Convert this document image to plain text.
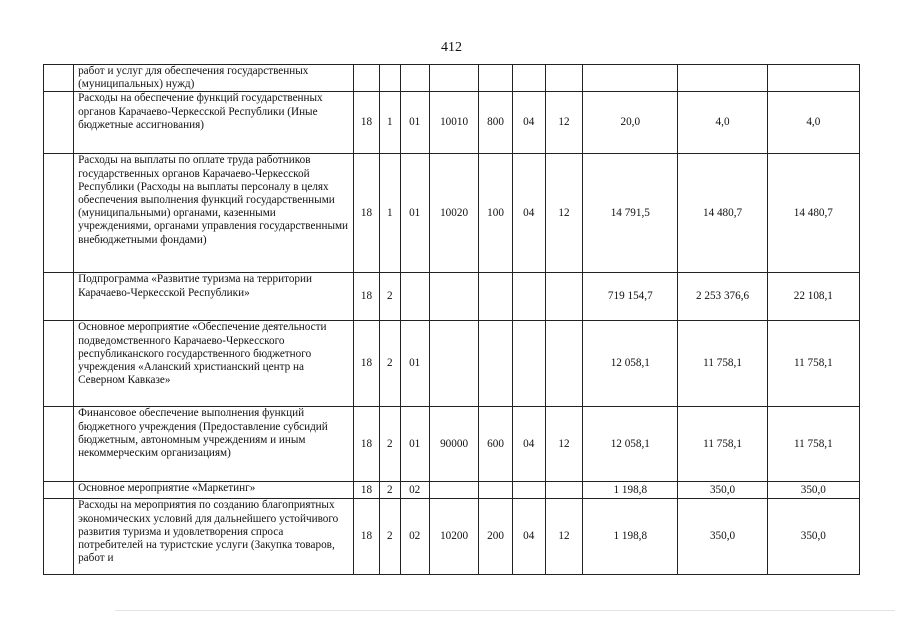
412
	работ и услуг для обеспечения государственных (муниципальных) нужд)										
	Расходы на обеспечение функций государственных органов Карачаево-Черкесской Республики (Иные бюджетные ассигнования)	18	1	01	10010	800	04	12	20,0	4,0	4,0
	Расходы на выплаты по оплате труда работников государственных органов Карачаево-Черкесской Республики (Расходы на выплаты персоналу в целях обеспечения выполнения функций государственными (муниципальными) органами, казенными учреждениями, органами управления государственными внебюджетными фондами)	18	1	01	10020	100	04	12	14 791,5	14 480,7	14 480,7
	Подпрограмма «Развитие туризма на территории Карачаево-Черкесской Республики»	18	2						719 154,7	2 253 376,6	22 108,1
	Основное мероприятие «Обеспечение деятельности подведомственного Карачаево-Черкесского республиканского государственного бюджетного учреждения «Аланский христианский центр на Северном Кавказе»	18	2	01					12 058,1	11 758,1	11 758,1
	Финансовое обеспечение выполнения функций бюджетного учреждения (Предоставление субсидий бюджетным, автономным учреждениям и иным некоммерческим организациям)	18	2	01	90000	600	04	12	12 058,1	11 758,1	11 758,1
	Основное мероприятие «Маркетинг»	18	2	02					1 198,8	350,0	350,0
	Расходы на мероприятия по созданию благоприятных экономических условий для дальнейшего устойчивого развития туризма и удовлетворения спроса потребителей на туристские услуги (Закупка товаров, работ и	18	2	02	10200	200	04	12	1 198,8	350,0	350,0
